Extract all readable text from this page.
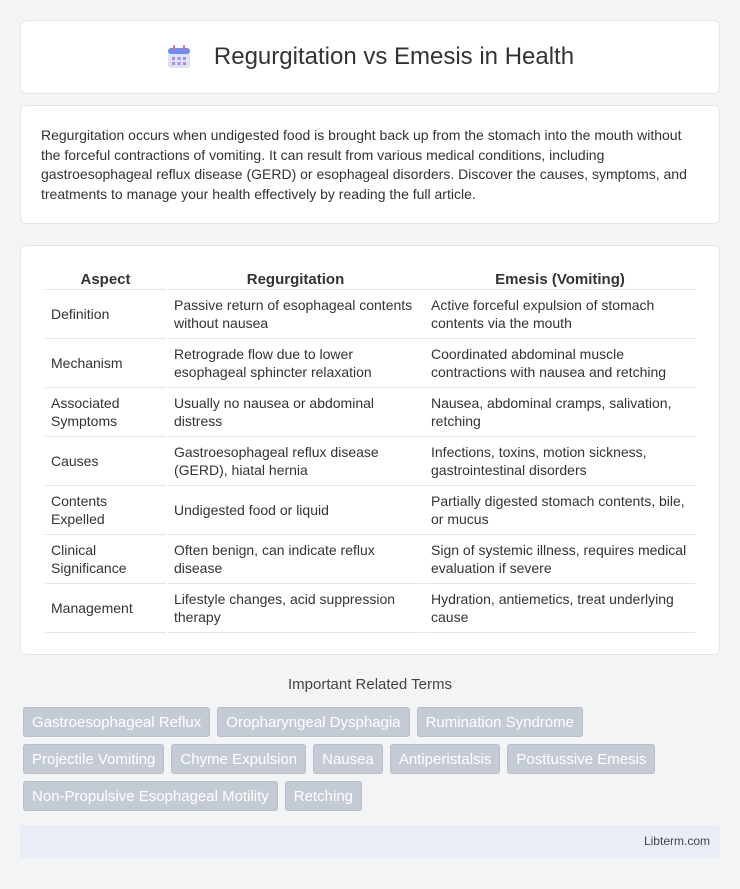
Regurgitation vs Emesis in Health

Regurgitation occurs when undigested food is brought back up from the stomach into the mouth without the forceful contractions of vomiting. It can result from various medical conditions, including gastroesophageal reflux disease (GERD) or esophageal disorders. Discover the causes, symptoms, and treatments to manage your health effectively by reading the full article.

Aspect	Regurgitation	Emesis (Vomiting)
Definition	Passive return of esophageal contents without nausea	Active forceful expulsion of stomach contents via the mouth
Mechanism	Retrograde flow due to lower esophageal sphincter relaxation	Coordinated abdominal muscle contractions with nausea and retching
Associated Symptoms	Usually no nausea or abdominal distress	Nausea, abdominal cramps, salivation, retching
Causes	Gastroesophageal reflux disease (GERD), hiatal hernia	Infections, toxins, motion sickness, gastrointestinal disorders
Contents Expelled	Undigested food or liquid	Partially digested stomach contents, bile, or mucus
Clinical Significance	Often benign, can indicate reflux disease	Sign of systemic illness, requires medical evaluation if severe
Management	Lifestyle changes, acid suppression therapy	Hydration, antiemetics, treat underlying cause
Important Related Terms
Gastroesophageal Reflux	Oropharyngeal Dysphagia	Rumination Syndrome
Projectile Vomiting	Chyme Expulsion	Nausea	Antiperistalsis	Posttussive Emesis
Non-Propulsive Esophageal Motility	Retching
Libterm.com
